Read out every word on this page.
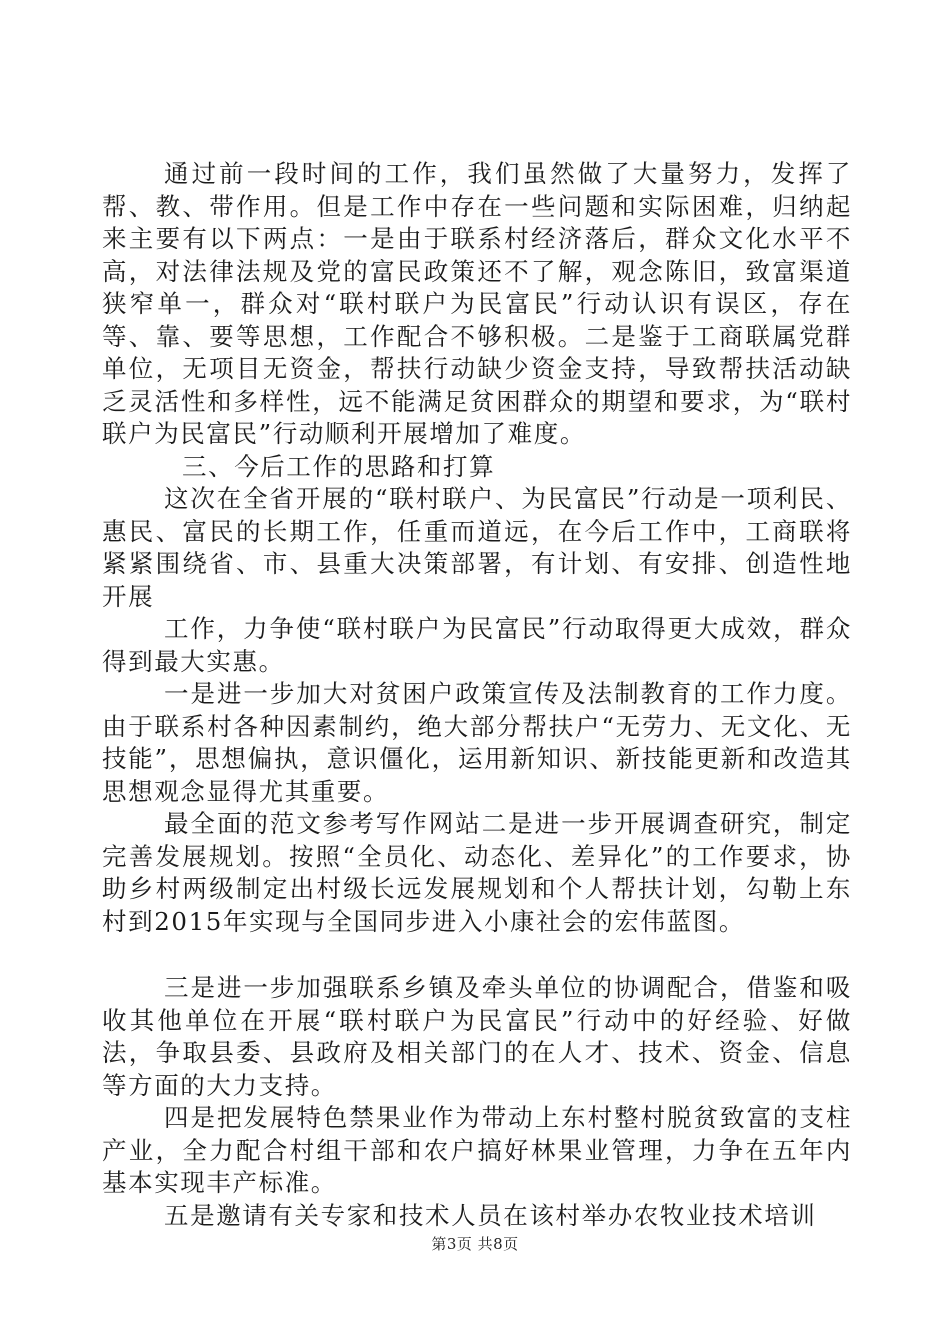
通过前一段时间的工作，我们虽然做了大量努力，发挥了帮、教、带作用。但是工作中存在一些问题和实际困难，归纳起来主要有以下两点：一是由于联系村经济落后，群众文化水平不高，对法律法规及党的富民政策还不了解，观念陈旧，致富渠道狭窄单一，群众对“联村联户为民富民”行动认识有误区，存在等、靠、要等思想，工作配合不够积极。二是鉴于工商联属党群单位，无项目无资金，帮扶行动缺少资金支持，导致帮扶活动缺乏灵活性和多样性，远不能满足贫困群众的期望和要求，为“联村联户为民富民”行动顺利开展增加了难度。

三、今后工作的思路和打算

这次在全省开展的“联村联户、为民富民”行动是一项利民、惠民、富民的长期工作，任重而道远，在今后工作中，工商联将紧紧围绕省、市、县重大决策部署，有计划、有安排、创造性地开展

工作，力争使“联村联户为民富民”行动取得更大成效，群众得到最大实惠。

一是进一步加大对贫困户政策宣传及法制教育的工作力度。由于联系村各种因素制约，绝大部分帮扶户“无劳力、无文化、无技能”，思想偏执，意识僵化，运用新知识、新技能更新和改造其思想观念显得尤其重要。

最全面的范文参考写作网站二是进一步开展调查研究，制定完善发展规划。按照“全员化、动态化、差异化”的工作要求，协助乡村两级制定出村级长远发展规划和个人帮扶计划，勾勒上东村到2015年实现与全国同步进入小康社会的宏伟蓝图。

三是进一步加强联系乡镇及牵头单位的协调配合，借鉴和吸收其他单位在开展“联村联户为民富民”行动中的好经验、好做法，争取县委、县政府及相关部门的在人才、技术、资金、信息等方面的大力支持。

四是把发展特色禁果业作为带动上东村整村脱贫致富的支柱产业，全力配合村组干部和农户搞好林果业管理，力争在五年内基本实现丰产标准。

五是邀请有关专家和技术人员在该村举办农牧业技术培训

第3页 共8页
